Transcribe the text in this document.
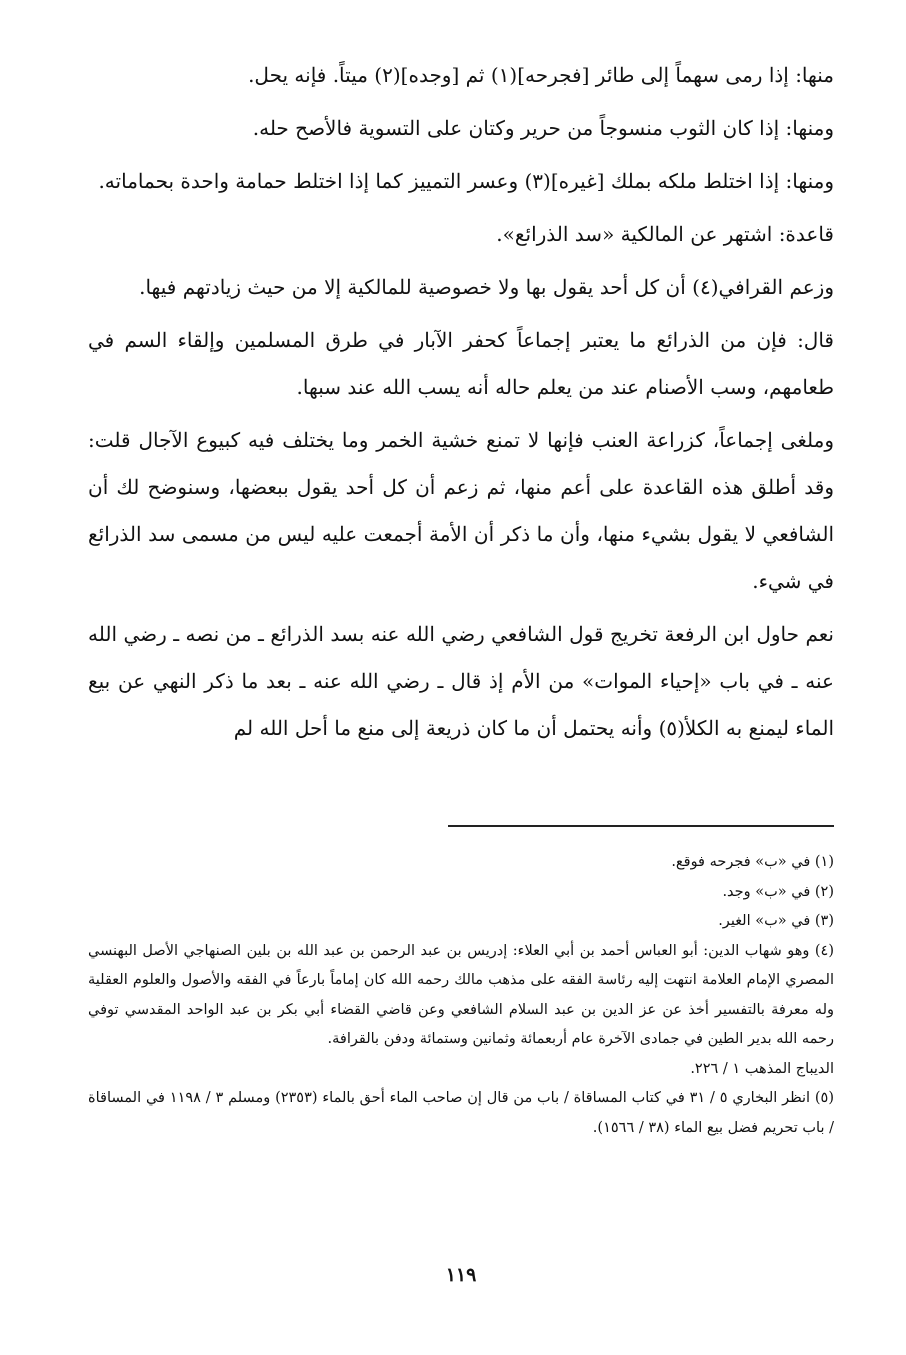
منها: إذا رمى سهماً إلى طائر [فجرحه](١) ثم [وجده](٢) ميتاً. فإنه يحل.

ومنها: إذا كان الثوب منسوجاً من حرير وكتان على التسوية فالأصح حله.

ومنها: إذا اختلط ملكه بملك [غيره](٣) وعسر التمييز كما إذا اختلط حمامة واحدة بحماماته.

قاعدة: اشتهر عن المالكية «سد الذرائع».

وزعم القرافي(٤) أن كل أحد يقول بها ولا خصوصية للمالكية إلا من حيث زيادتهم فيها.

قال: فإن من الذرائع ما يعتبر إجماعاً كحفر الآبار في طرق المسلمين وإلقاء السم في طعامهم، وسب الأصنام عند من يعلم حاله أنه يسب الله عند سبها.

وملغى إجماعاً، كزراعة العنب فإنها لا تمنع خشية الخمر وما يختلف فيه كبيوع الآجال قلت: وقد أطلق هذه القاعدة على أعم منها، ثم زعم أن كل أحد يقول ببعضها، وسنوضح لك أن الشافعي لا يقول بشيء منها، وأن ما ذكر أن الأمة أجمعت عليه ليس من مسمى سد الذرائع في شيء.

نعم حاول ابن الرفعة تخريج قول الشافعي رضي الله عنه بسد الذرائع ـ من نصه ـ رضي الله عنه ـ في باب «إحياء الموات» من الأم إذ قال ـ رضي الله عنه ـ بعد ما ذكر النهي عن بيع الماء ليمنع به الكلأ(٥) وأنه يحتمل أن ما كان ذريعة إلى منع ما أحل الله لم

(١) في «ب» فجرحه فوقع.

(٢) في «ب» وجد.

(٣) في «ب» الغير.

(٤) وهو شهاب الدين: أبو العباس أحمد بن أبي العلاء: إدريس بن عبد الرحمن بن عبد الله بن بلين الصنهاجي الأصل البهنسي المصري الإمام العلامة انتهت إليه رئاسة الفقه على مذهب مالك رحمه الله كان إماماً بارعاً في الفقه والأصول والعلوم العقلية وله معرفة بالتفسير أخذ عن عز الدين بن عبد السلام الشافعي وعن قاضي القضاء أبي بكر بن عبد الواحد المقدسي توفي رحمه الله بدير الطين في جمادى الآخرة عام أربعمائة وثمانين وستمائة ودفن بالقرافة.

الديباج المذهب ١ / ٢٢٦.

(٥) انظر البخاري ٥ / ٣١ في كتاب المساقاة / باب من قال إن صاحب الماء أحق بالماء (٢٣٥٣) ومسلم ٣ / ١١٩٨ في المساقاة / باب تحريم فضل بيع الماء (٣٨ / ١٥٦٦).

١١٩
